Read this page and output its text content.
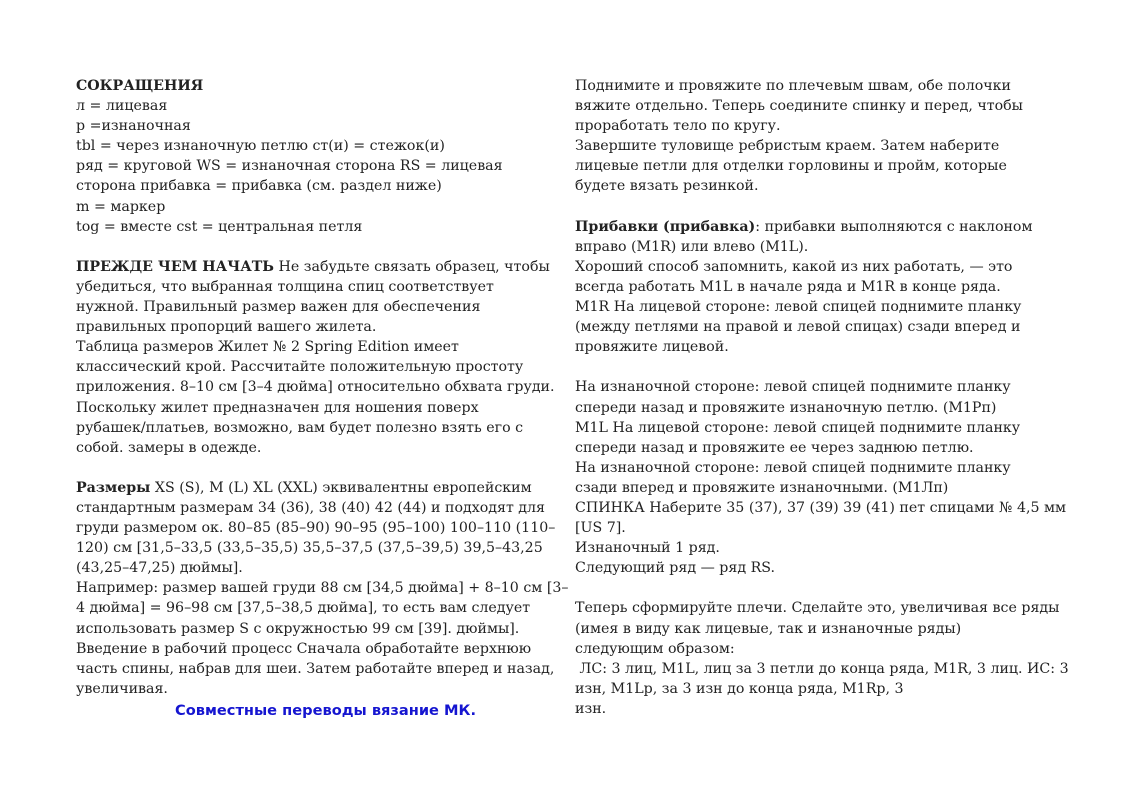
СОКРАЩЕНИЯ
л = лицевая
р =изнаночная
tbl = через изнаночную петлю ст(и) = стежок(и)
ряд = круговой WS = изнаночная сторона RS = лицевая
сторона прибавка = прибавка (см. раздел ниже)
m = маркер
tog = вместе cst = центральная петля
ПРЕЖДЕ ЧЕМ НАЧАТЬ Не забудьте связать образец, чтобы
убедиться, что выбранная толщина спиц соответствует
нужной. Правильный размер важен для обеспечения
правильных пропорций вашего жилета.
Таблица размеров Жилет № 2 Spring Edition имеет
классический крой. Рассчитайте положительную простоту
приложения. 8–10 см [3–4 дюйма] относительно обхвата груди.
Поскольку жилет предназначен для ношения поверх
рубашек/платьев, возможно, вам будет полезно взять его с
собой. замеры в одежде.
Размеры XS (S), M (L) XL (XXL) эквивалентны европейским
стандартным размерам 34 (36), 38 (40) 42 (44) и подходят для
груди размером ок. 80–85 (85–90) 90–95 (95–100) 100–110 (110–
120) см [31,5–33,5 (33,5–35,5) 35,5–37,5 (37,5–39,5) 39,5–43,25
(43,25–47,25) дюймы].
Например: размер вашей груди 88 см [34,5 дюйма] + 8–10 см [3–
4 дюйма] = 96–98 см [37,5–38,5 дюйма], то есть вам следует
использовать размер S с окружностью 99 см [39]. дюймы].
Введение в рабочий процесс Сначала обработайте верхнюю
часть спины, набрав для шеи. Затем работайте вперед и назад,
увеличивая.
Совместные переводы вязание МК.
Поднимите и провяжите по плечевым швам, обе полочки
вяжите отдельно. Теперь соедините спинку и перед, чтобы
проработать тело по кругу.
Завершите туловище ребристым краем. Затем наберите
лицевые петли для отделки горловины и пройм, которые
будете вязать резинкой.
Прибавки (прибавка): прибавки выполняются с наклоном
вправо (M1R) или влево (M1L).
Хороший способ запомнить, какой из них работать, — это
всегда работать M1L в начале ряда и M1R в конце ряда.
M1R На лицевой стороне: левой спицей поднимите планку
(между петлями на правой и левой спицах) сзади вперед и
провяжите лицевой.
На изнаночной стороне: левой спицей поднимите планку
спереди назад и провяжите изнаночную петлю. (M1Рп)
M1L На лицевой стороне: левой спицей поднимите планку
спереди назад и провяжите ее через заднюю петлю.
На изнаночной стороне: левой спицей поднимите планку
сзади вперед и провяжите изнаночными. (M1Лп)
СПИНКА Наберите 35 (37), 37 (39) 39 (41) пет спицами № 4,5 мм
[US 7].
Изнаночный 1 ряд.
Следующий ряд — ряд RS.
Теперь сформируйте плечи. Сделайте это, увеличивая все ряды
(имея в виду как лицевые, так и изнаночные ряды)
следующим образом:
ЛС: 3 лиц, M1L, лиц за 3 петли до конца ряда, M1R, 3 лиц. ИС: 3
изн, M1Lp, за 3 изн до конца ряда, M1Rp, 3
изн.
